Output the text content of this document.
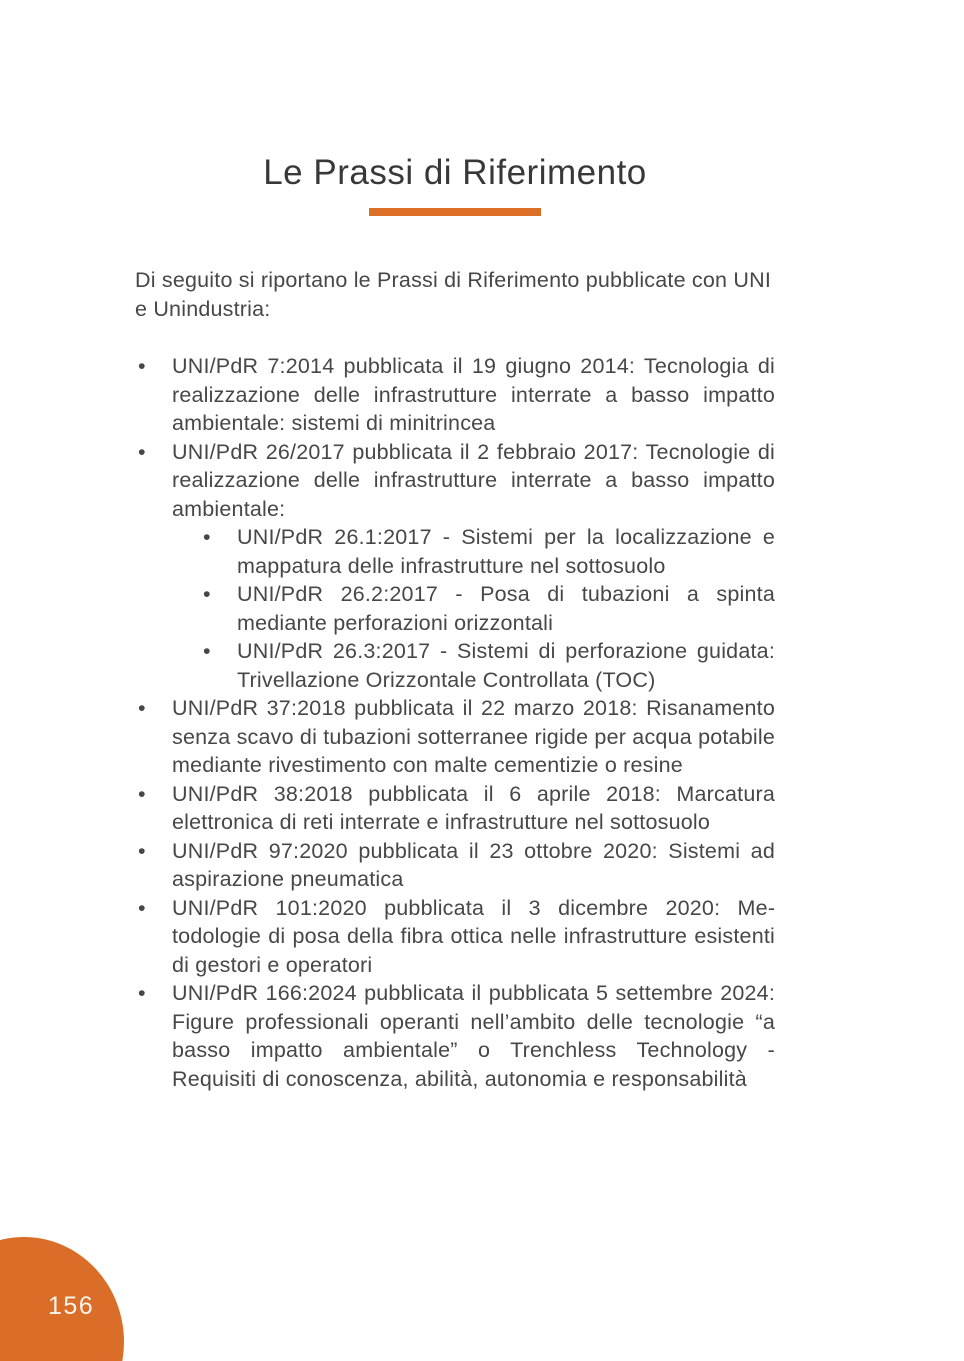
Le Prassi di Riferimento

Di seguito si riportano le Prassi di Riferimento pubblicate con UNI e Unindustria:

• UNI/PdR 7:2014 pubblicata il 19 giugno 2014: Tecnologia di realizzazione delle infrastrutture interrate a basso impatto ambientale: sistemi di minitrincea
• UNI/PdR 26/2017 pubblicata il 2 febbraio 2017: Tecnologie di realizzazione delle infrastrutture interrate a basso impatto ambientale:
• UNI/PdR 26.1:2017 - Sistemi per la localizzazione e mappatura delle infrastrutture nel sottosuolo
• UNI/PdR 26.2:2017 - Posa di tubazioni a spinta mediante perforazioni orizzontali
• UNI/PdR 26.3:2017 - Sistemi di perforazione guidata: Trivellazione Orizzontale Controllata (TOC)
• UNI/PdR 37:2018 pubblicata il 22 marzo 2018: Risanamento senza scavo di tubazioni sotterranee rigide per acqua potabile mediante rivestimento con malte cementizie o resine
• UNI/PdR 38:2018 pubblicata il 6 aprile 2018: Marcatura elettronica di reti interrate e infrastrutture nel sottosuolo
• UNI/PdR 97:2020 pubblicata il 23 ottobre 2020: Sistemi ad aspirazione pneumatica
• UNI/PdR 101:2020 pubblicata il 3 dicembre 2020: Metodologie di posa della fibra ottica nelle infrastrutture esistenti di gestori e operatori
• UNI/PdR 166:2024 pubblicata il pubblicata 5 settembre 2024: Figure professionali operanti nell’ambito delle tecnologie “a basso impatto ambientale” o Trenchless Technology - Requisiti di conoscenza, abilità, autonomia e responsabilità
156
